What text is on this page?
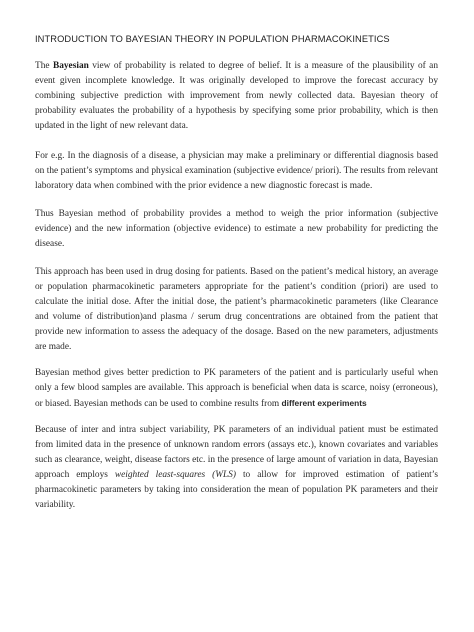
INTRODUCTION TO BAYESIAN THEORY IN POPULATION PHARMACOKINETICS

The Bayesian view of probability is related to degree of belief. It is a measure of the plausibility of an event given incomplete knowledge. It was originally developed to improve the forecast accuracy by combining subjective prediction with improvement from newly collected data. Bayesian theory of probability evaluates the probability of a hypothesis by specifying some prior probability, which is then updated in the light of new relevant data.

For e.g. In the diagnosis of a disease, a physician may make a preliminary or differential diagnosis based on the patient’s symptoms and physical examination (subjective evidence/ priori). The results from relevant laboratory data when combined with the prior evidence a new diagnostic forecast is made.

Thus Bayesian method of probability provides a method to weigh the prior information (subjective evidence) and the new information (objective evidence) to estimate a new probability for predicting the disease.

This approach has been used in drug dosing for patients. Based on the patient’s medical history, an average or population pharmacokinetic parameters appropriate for the patient’s condition (priori) are used to calculate the initial dose. After the initial dose, the patient’s pharmacokinetic parameters (like Clearance and volume of distribution)and plasma / serum drug concentrations are obtained from the patient that provide new information to assess the adequacy of the dosage. Based on the new parameters, adjustments are made.

Bayesian method gives better prediction to PK parameters of the patient and is particularly useful when only a few blood samples are available. This approach is beneficial when data is scarce, noisy (erroneous), or biased. Bayesian methods can be used to combine results from different experiments

Because of inter and intra subject variability, PK parameters of an individual patient must be estimated from limited data in the presence of unknown random errors (assays etc.), known covariates and variables such as clearance, weight, disease factors etc. in the presence of large amount of variation in data, Bayesian approach employs weighted least-squares (WLS) to allow for improved estimation of patient’s pharmacokinetic parameters by taking into consideration the mean of population PK parameters and their variability.
